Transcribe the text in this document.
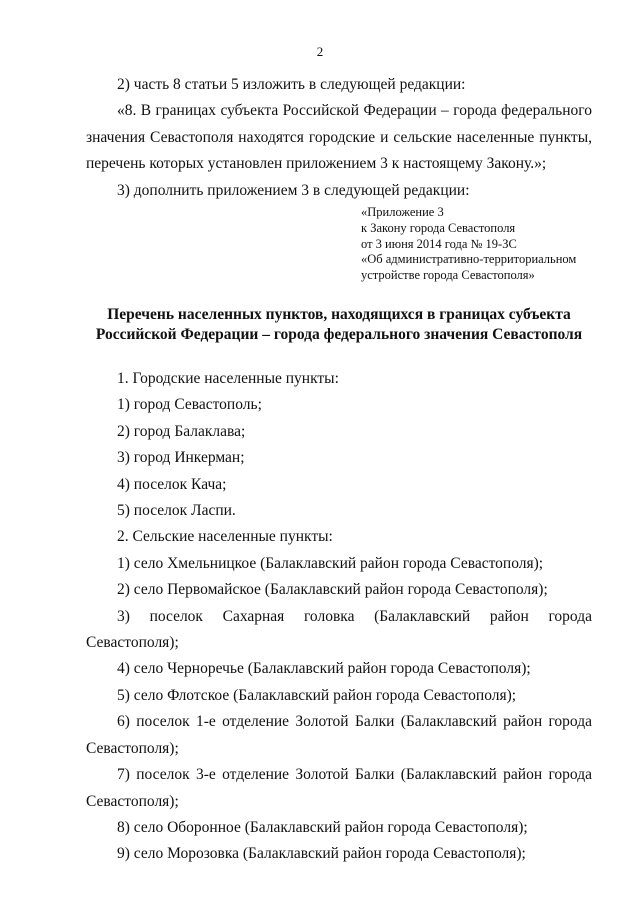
2

2) часть 8 статьи 5 изложить в следующей редакции:

«8. В границах субъекта Российской Федерации – города федерального значения Севастополя находятся городские и сельские населенные пункты, перечень которых установлен приложением 3 к настоящему Закону.»;

3) дополнить приложением 3 в следующей редакции:

«Приложение 3
к Закону города Севастополя
от 3 июня 2014 года № 19-ЗС
«Об административно-территориальном
устройстве города Севастополя»
Перечень населенных пунктов, находящихся в границах субъекта
Российской Федерации – города федерального значения Севастополя

1. Городские населенные пункты:

1) город Севастополь;

2) город Балаклава;

3) город Инкерман;

4) поселок Кача;

5) поселок Ласпи.

2. Сельские населенные пункты:

1) село Хмельницкое (Балаклавский район города Севастополя);

2) село Первомайское (Балаклавский район города Севастополя);

3) поселок Сахарная головка (Балаклавский район города Севастополя);

4) село Черноречье (Балаклавский район города Севастополя);

5) село Флотское (Балаклавский район города Севастополя);

6) поселок 1-е отделение Золотой Балки (Балаклавский район города Севастополя);

7) поселок 3-е отделение Золотой Балки (Балаклавский район города Севастополя);

8) село Оборонное (Балаклавский район города Севастополя);

9) село Морозовка (Балаклавский район города Севастополя);
